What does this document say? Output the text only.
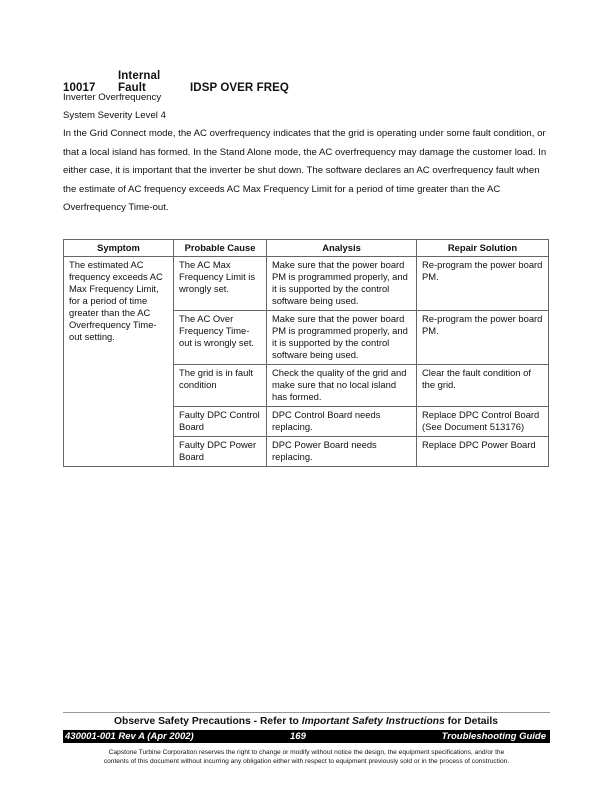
10017Internal Fault	IDSP OVER FREQ
Inverter Overfrequency
System Severity Level 4
In the Grid Connect mode, the AC overfrequency indicates that the grid is operating under some fault condition, or that a local island has formed. In the Stand Alone mode, the AC overfrequency may damage the customer load. In either case, it is important that the inverter be shut down. The software declares an AC overfrequency fault when the estimate of AC frequency exceeds AC Max Frequency Limit for a period of time greater than the AC Overfrequency Time-out.
Symptom	Probable Cause	Analysis	Repair Solution
The estimated AC frequency exceeds AC Max Frequency Limit, for a period of time greater than the AC Overfrequency Time-out setting.	The AC Max Frequency Limit is wrongly set.	Make sure that the power board PM is programmed properly, and it is supported by the control software being used.	Re-program the power board PM.
	The AC Over Frequency Time-out is wrongly set.	Make sure that the power board PM is programmed properly, and it is supported by the control software being used.	Re-program the power board PM.
	The grid is in fault condition	Check the quality of the grid and make sure that no local island has formed.	Clear the fault condition of the grid.
	Faulty DPC Control Board	DPC Control Board needs replacing.	Replace DPC Control Board (See Document 513176)
	Faulty DPC Power Board	DPC Power Board needs replacing.	Replace DPC Power Board
Observe Safety Precautions - Refer to Important Safety Instructions for Details
430001-001 Rev A (Apr 2002)	169	Troubleshooting Guide
Capstone Turbine Corporation reserves the right to change or modify without notice the design, the equipment specifications, and/or the
contents of this document without incurring any obligation either with respect to equipment previously sold or in the process of construction.
